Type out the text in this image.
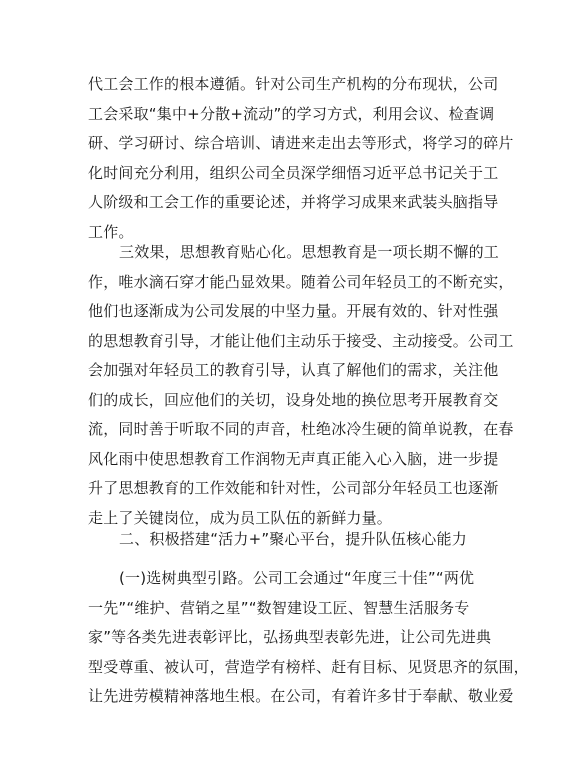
代工会工作的根本遵循。针对公司生产机构的分布现状，公司
工会采取“集中+分散+流动”的学习方式，利用会议、检查调
研、学习研讨、综合培训、请进来走出去等形式，将学习的碎片
化时间充分利用，组织公司全员深学细悟习近平总书记关于工
人阶级和工会工作的重要论述，并将学习成果来武装头脑指导
工作。
三效果，思想教育贴心化。思想教育是一项长期不懈的工
作，唯水滴石穿才能凸显效果。随着公司年轻员工的不断充实，
他们也逐渐成为公司发展的中坚力量。开展有效的、针对性强
的思想教育引导，才能让他们主动乐于接受、主动接受。公司工
会加强对年轻员工的教育引导，认真了解他们的需求，关注他
们的成长，回应他们的关切，设身处地的换位思考开展教育交
流，同时善于听取不同的声音，杜绝冰冷生硬的简单说教，在春
风化雨中使思想教育工作润物无声真正能入心入脑，进一步提
升了思想教育的工作效能和针对性，公司部分年轻员工也逐渐
走上了关键岗位，成为员工队伍的新鲜力量。
二、积极搭建“活力+”聚心平台，提升队伍核心能力
(一)选树典型引路。公司工会通过“年度三十佳”“两优
一先”“维护、营销之星”“数智建设工匠、智慧生活服务专
家”等各类先进表彰评比，弘扬典型表彰先进，让公司先进典
型受尊重、被认可，营造学有榜样、赶有目标、见贤思齐的氛围，
让先进劳模精神落地生根。在公司，有着许多甘于奉献、敬业爱
